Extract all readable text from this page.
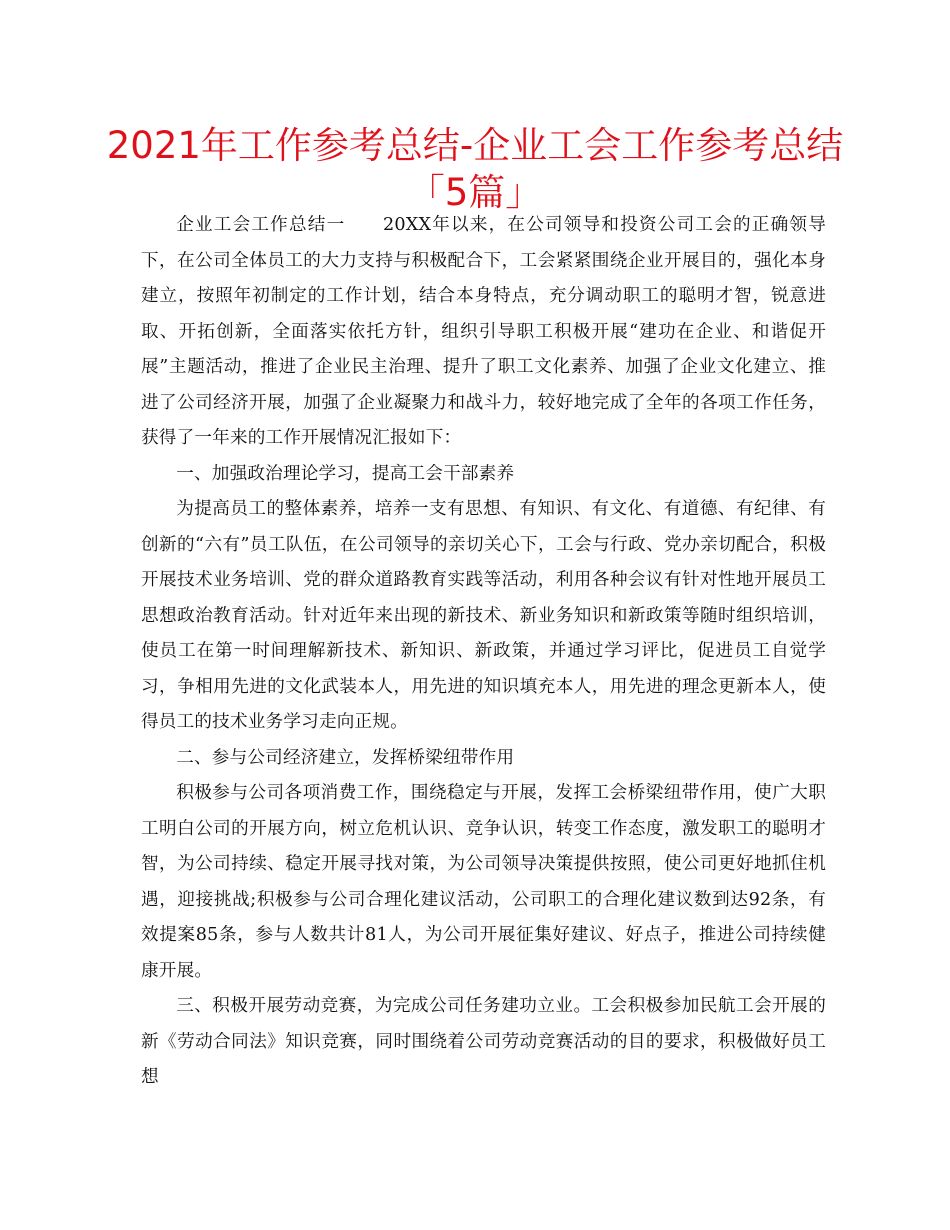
2021年工作参考总结-企业工会工作参考总结
「5篇」

企业工会工作总结一　　20XX年以来，在公司领导和投资公司工会的正确领导下，在公司全体员工的大力支持与积极配合下，工会紧紧围绕企业开展目的，强化本身建立，按照年初制定的工作计划，结合本身特点，充分调动职工的聪明才智，锐意进取、开拓创新，全面落实依托方针，组织引导职工积极开展“建功在企业、和谐促开展”主题活动，推进了企业民主治理、提升了职工文化素养、加强了企业文化建立、推进了公司经济开展，加强了企业凝聚力和战斗力，较好地完成了全年的各项工作任务，获得了一年来的工作开展情况汇报如下：

一、加强政治理论学习，提高工会干部素养

为提高员工的整体素养，培养一支有思想、有知识、有文化、有道德、有纪律、有创新的“六有”员工队伍，在公司领导的亲切关心下，工会与行政、党办亲切配合，积极开展技术业务培训、党的群众道路教育实践等活动，利用各种会议有针对性地开展员工思想政治教育活动。针对近年来出现的新技术、新业务知识和新政策等随时组织培训，使员工在第一时间理解新技术、新知识、新政策，并通过学习评比，促进员工自觉学习，争相用先进的文化武装本人，用先进的知识填充本人，用先进的理念更新本人，使得员工的技术业务学习走向正规。

二、参与公司经济建立，发挥桥梁纽带作用

积极参与公司各项消费工作，围绕稳定与开展，发挥工会桥梁纽带作用，使广大职工明白公司的开展方向，树立危机认识、竞争认识，转变工作态度，激发职工的聪明才智，为公司持续、稳定开展寻找对策，为公司领导决策提供按照，使公司更好地抓住机遇，迎接挑战;积极参与公司合理化建议活动，公司职工的合理化建议数到达92条，有效提案85条，参与人数共计81人，为公司开展征集好建议、好点子，推进公司持续健康开展。

三、积极开展劳动竞赛，为完成公司任务建功立业。工会积极参加民航工会开展的新《劳动合同法》知识竞赛，同时围绕着公司劳动竞赛活动的目的要求，积极做好员工想
